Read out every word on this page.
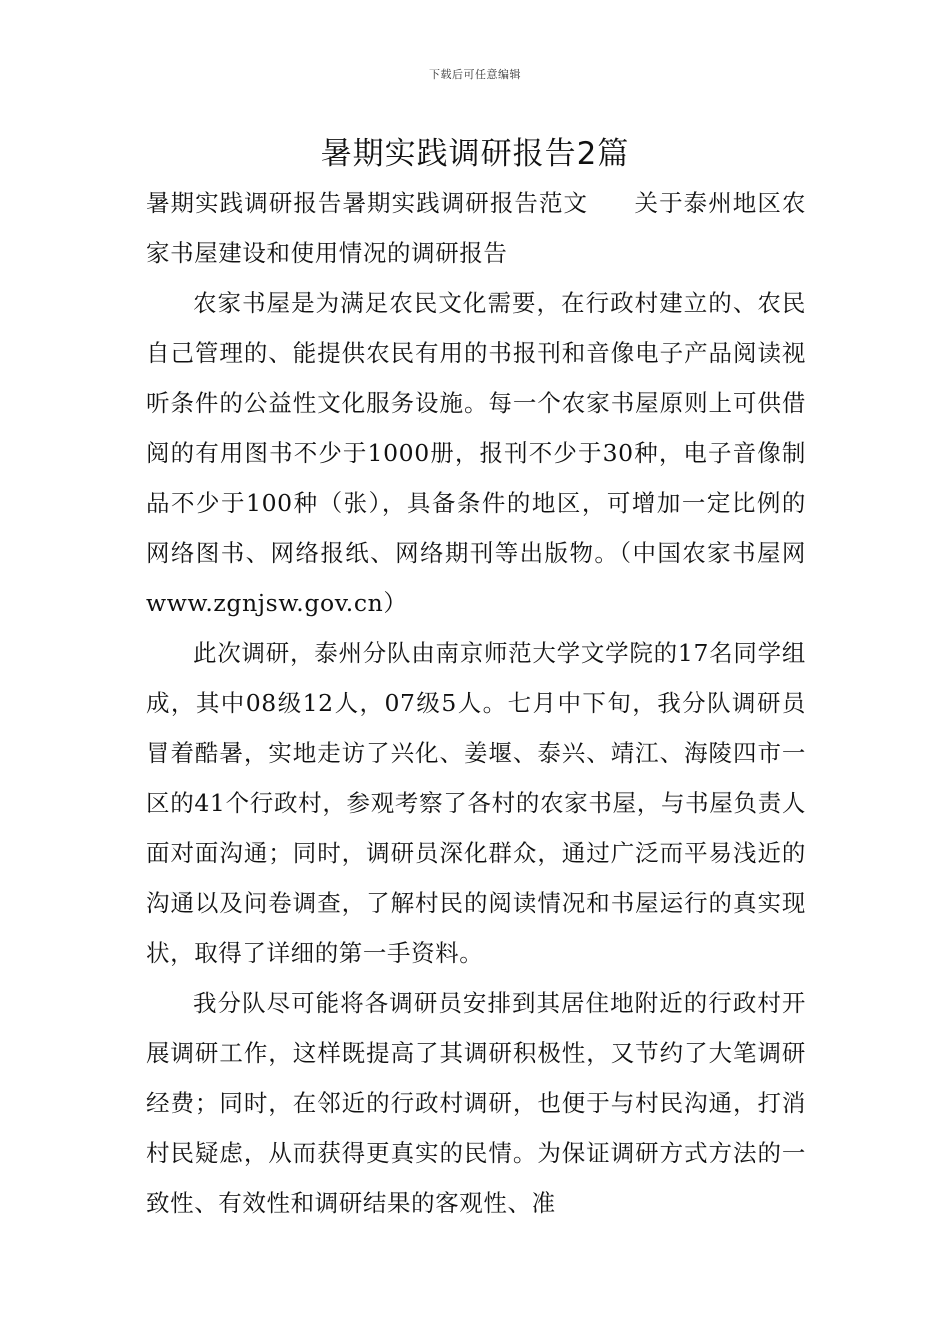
下载后可任意编辑
暑期实践调研报告2篇

暑期实践调研报告暑期实践调研报告范文 关于泰州地区农家书屋建设和使用情况的调研报告

农家书屋是为满足农民文化需要，在行政村建立的、农民自己管理的、能提供农民有用的书报刊和音像电子产品阅读视听条件的公益性文化服务设施。每一个农家书屋原则上可供借阅的有用图书不少于1000册，报刊不少于30种，电子音像制品不少于100种（张），具备条件的地区，可增加一定比例的网络图书、网络报纸、网络期刊等出版物。（中国农家书屋网www.zgnjsw.gov.cn）

此次调研，泰州分队由南京师范大学文学院的17名同学组成，其中08级12人，07级5人。七月中下旬，我分队调研员冒着酷暑，实地走访了兴化、姜堰、泰兴、靖江、海陵四市一区的41个行政村，参观考察了各村的农家书屋，与书屋负责人面对面沟通；同时，调研员深化群众，通过广泛而平易浅近的沟通以及问卷调查，了解村民的阅读情况和书屋运行的真实现状，取得了详细的第一手资料。

我分队尽可能将各调研员安排到其居住地附近的行政村开展调研工作，这样既提高了其调研积极性，又节约了大笔调研经费；同时，在邻近的行政村调研，也便于与村民沟通，打消村民疑虑，从而获得更真实的民情。为保证调研方式方法的一致性、有效性和调研结果的客观性、准
